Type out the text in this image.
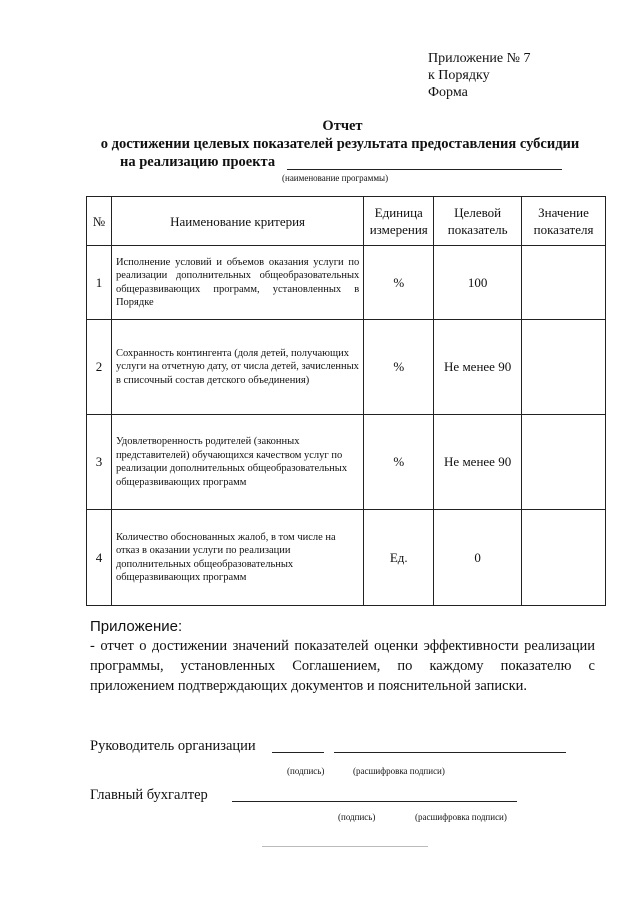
Приложение № 7
к Порядку
Форма
Отчет
о достижении целевых показателей результата предоставления субсидии
на реализацию проекта
(наименование программы)
№	Наименование критерия	Единица измерения	Целевой показатель	Значение показателя
1	Исполнение условий и объемов оказания услуги по реализации дополнительных общеобразовательных общеразвивающих программ, установленных в Порядке	%	100	
2	Сохранность контингента (доля детей, получающих услуги на отчетную дату, от числа детей, зачисленных в списочный состав детского объединения)	%	Не менее 90	
3	Удовлетворенность родителей (законных представителей) обучающихся качеством услуг по реализации дополнительных общеобразовательных общеразвивающих программ	%	Не менее 90	
4	Количество обоснованных жалоб, в том числе на отказ в оказании услуги по реализации дополнительных общеобразовательных общеразвивающих программ	Ед.	0	
Приложение:
- отчет о достижении значений показателей оценки эффективности реализации программы, установленных Соглашением, по каждому показателю с приложением подтверждающих документов и пояснительной записки.
Руководитель организации
(подпись)	(расшифровка подписи)
Главный бухгалтер
(подпись)	(расшифровка подписи)
